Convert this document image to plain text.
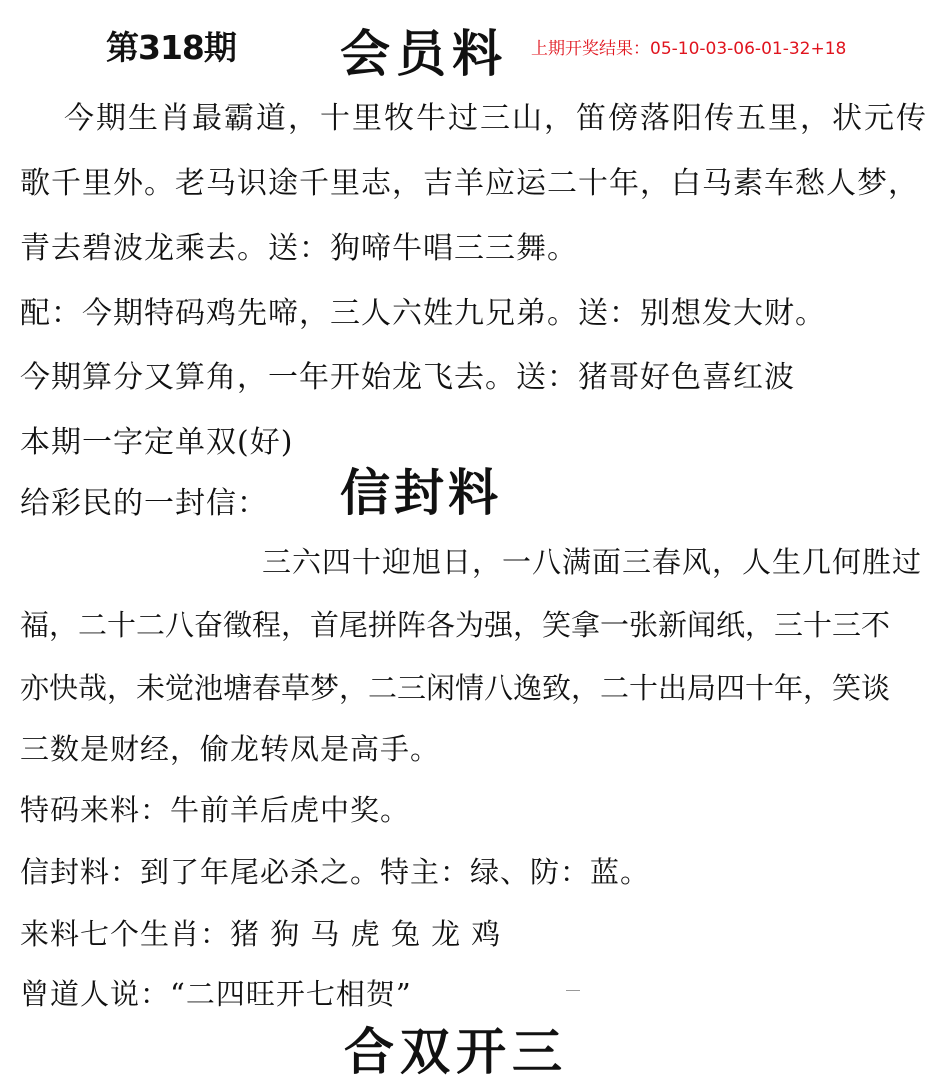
第318期 会员料 上期开奖结果：05-10-03-06-01-32+18
今期生肖最霸道，十里牧牛过三山，笛傍落阳传五里，状元传
歌千里外。老马识途千里志，吉羊应运二十年，白马素车愁人梦，
青去碧波龙乘去。送：狗啼牛唱三三舞。
配：今期特码鸡先啼，三人六姓九兄弟。送：别想发大财。
今期算分又算角，一年开始龙飞去。送：猪哥好色喜红波
本期一字定单双(好)
给彩民的一封信： 信封料
三六四十迎旭日，一八满面三春风，人生几何胜过
福，二十二八奋徵程，首尾拼阵各为强，笑拿一张新闻纸，三十三不
亦快哉，未觉池塘春草梦，二三闲情八逸致，二十出局四十年，笑谈
三数是财经，偷龙转凤是高手。
特码来料：牛前羊后虎中奖。
信封料：到了年尾必杀之。特主：绿、防：蓝。
来料七个生肖：猪 狗 马 虎 兔 龙 鸡
曾道人说：“二四旺开七相贺”
合双开三
